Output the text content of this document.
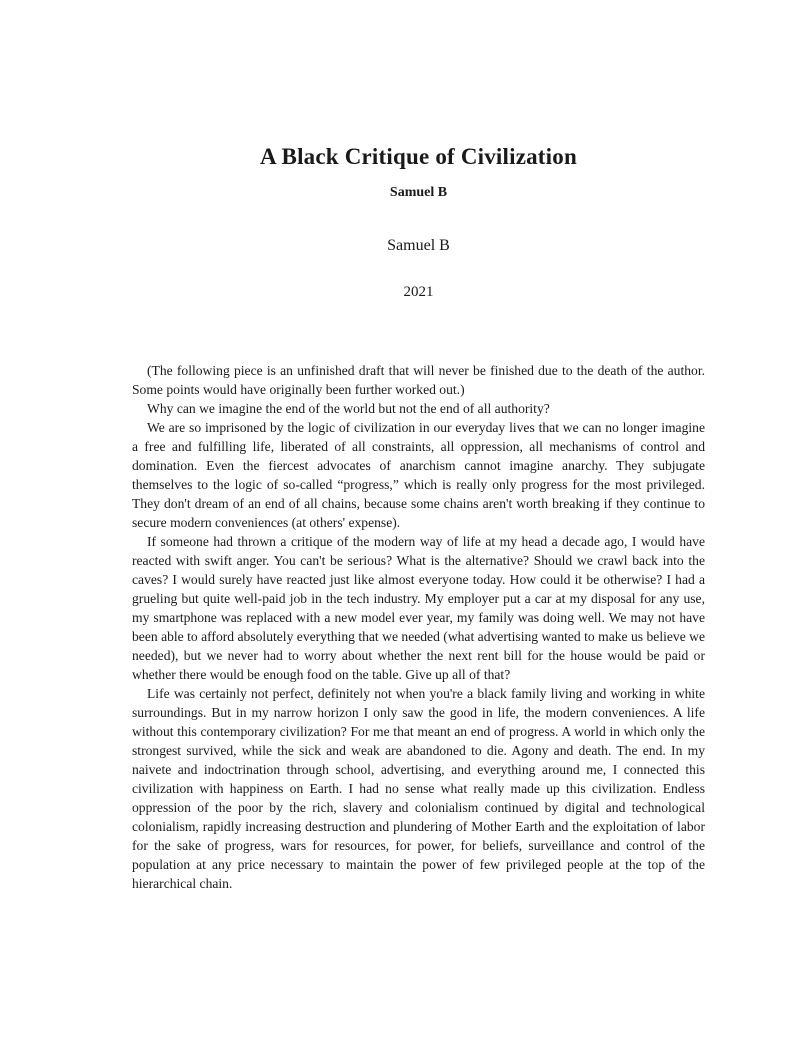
A Black Critique of Civilization
Samuel B
Samuel B
2021

(The following piece is an unfinished draft that will never be finished due to the death of the author. Some points would have originally been further worked out.)

Why can we imagine the end of the world but not the end of all authority?

We are so imprisoned by the logic of civilization in our everyday lives that we can no longer imagine a free and fulfilling life, liberated of all constraints, all oppression, all mechanisms of control and domination. Even the fiercest advocates of anarchism cannot imagine anarchy. They subjugate themselves to the logic of so-called “progress,” which is really only progress for the most privileged. They don't dream of an end of all chains, because some chains aren't worth breaking if they continue to secure modern conveniences (at others' expense).

If someone had thrown a critique of the modern way of life at my head a decade ago, I would have reacted with swift anger. You can't be serious? What is the alternative? Should we crawl back into the caves? I would surely have reacted just like almost everyone today. How could it be otherwise? I had a grueling but quite well-paid job in the tech industry. My employer put a car at my disposal for any use, my smartphone was replaced with a new model ever year, my family was doing well. We may not have been able to afford absolutely everything that we needed (what advertising wanted to make us believe we needed), but we never had to worry about whether the next rent bill for the house would be paid or whether there would be enough food on the table. Give up all of that?

Life was certainly not perfect, definitely not when you're a black family living and working in white surroundings. But in my narrow horizon I only saw the good in life, the modern conveniences. A life without this contemporary civilization? For me that meant an end of progress. A world in which only the strongest survived, while the sick and weak are abandoned to die. Agony and death. The end. In my naivete and indoctrination through school, advertising, and everything around me, I connected this civilization with happiness on Earth. I had no sense what really made up this civilization. Endless oppression of the poor by the rich, slavery and colonialism continued by digital and technological colonialism, rapidly increasing destruction and plundering of Mother Earth and the exploitation of labor for the sake of progress, wars for resources, for power, for beliefs, surveillance and control of the population at any price necessary to maintain the power of few privileged people at the top of the hierarchical chain.
